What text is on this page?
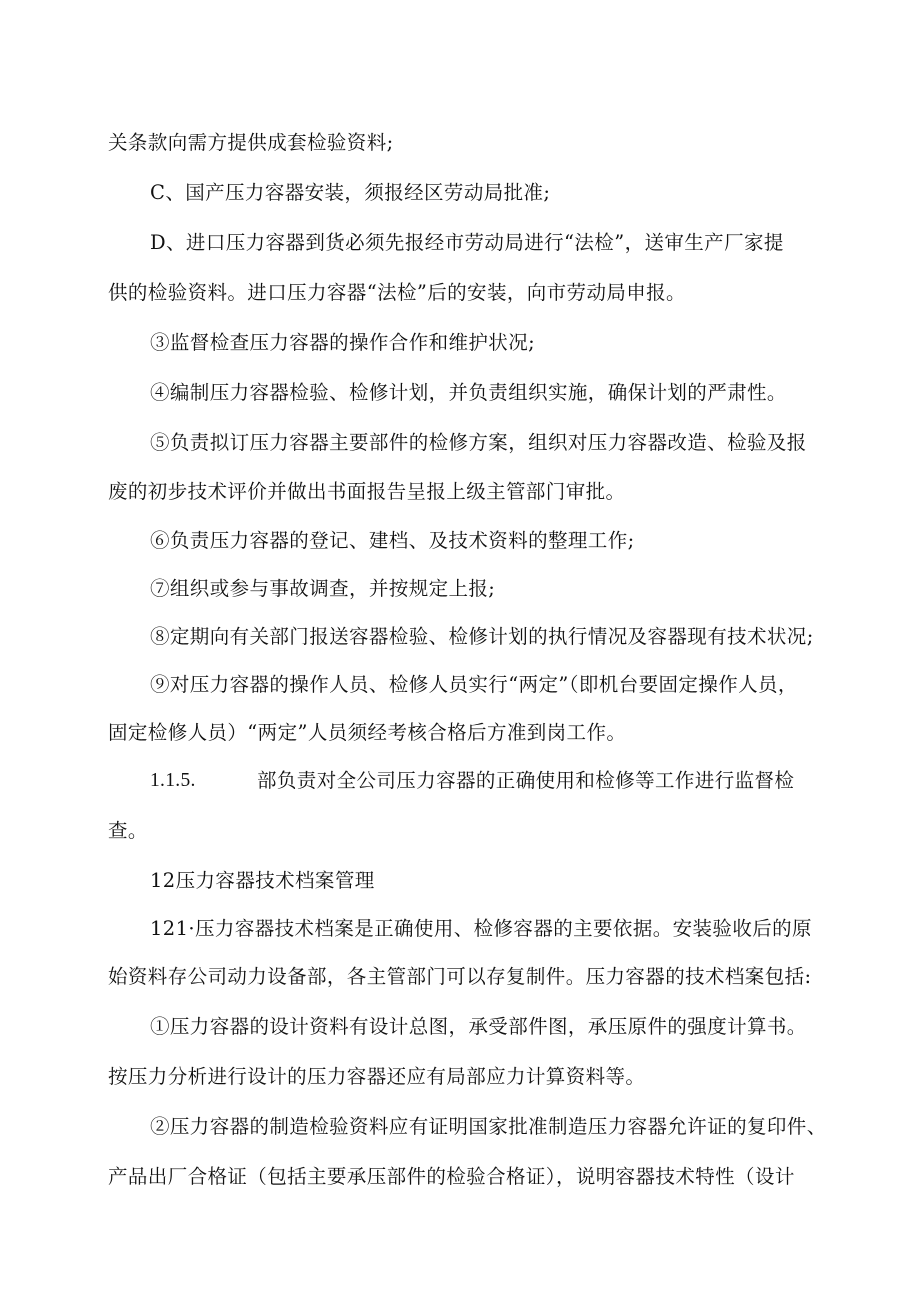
关条款向需方提供成套检验资料;
C、国产压力容器安装，须报经区劳动局批准;
D、进口压力容器到货必须先报经市劳动局进行“法检”，送审生产厂家提
供的检验资料。进口压力容器“法检”后的安装，向市劳动局申报。
③监督检查压力容器的操作合作和维护状况;
④编制压力容器检验、检修计划，并负责组织实施，确保计划的严肃性。
⑤负责拟订压力容器主要部件的检修方案，组织对压力容器改造、检验及报
废的初步技术评价并做出书面报告呈报上级主管部门审批。
⑥负责压力容器的登记、建档、及技术资料的整理工作;
⑦组织或参与事故调查，并按规定上报;
⑧定期向有关部门报送容器检验、检修计划的执行情况及容器现有技术状况;
⑨对压力容器的操作人员、检修人员实行“两定”（即机台要固定操作人员，
固定检修人员）“两定”人员须经考核合格后方准到岗工作。
1.1.5.	部负责对全公司压力容器的正确使用和检修等工作进行监督检
查。
12压力容器技术档案管理
121·压力容器技术档案是正确使用、检修容器的主要依据。安装验收后的原
始资料存公司动力设备部，各主管部门可以存复制件。压力容器的技术档案包括:
①压力容器的设计资料有设计总图，承受部件图，承压原件的强度计算书。
按压力分析进行设计的压力容器还应有局部应力计算资料等。
②压力容器的制造检验资料应有证明国家批准制造压力容器允许证的复印件、
产品出厂合格证（包括主要承压部件的检验合格证），说明容器技术特性（设计
